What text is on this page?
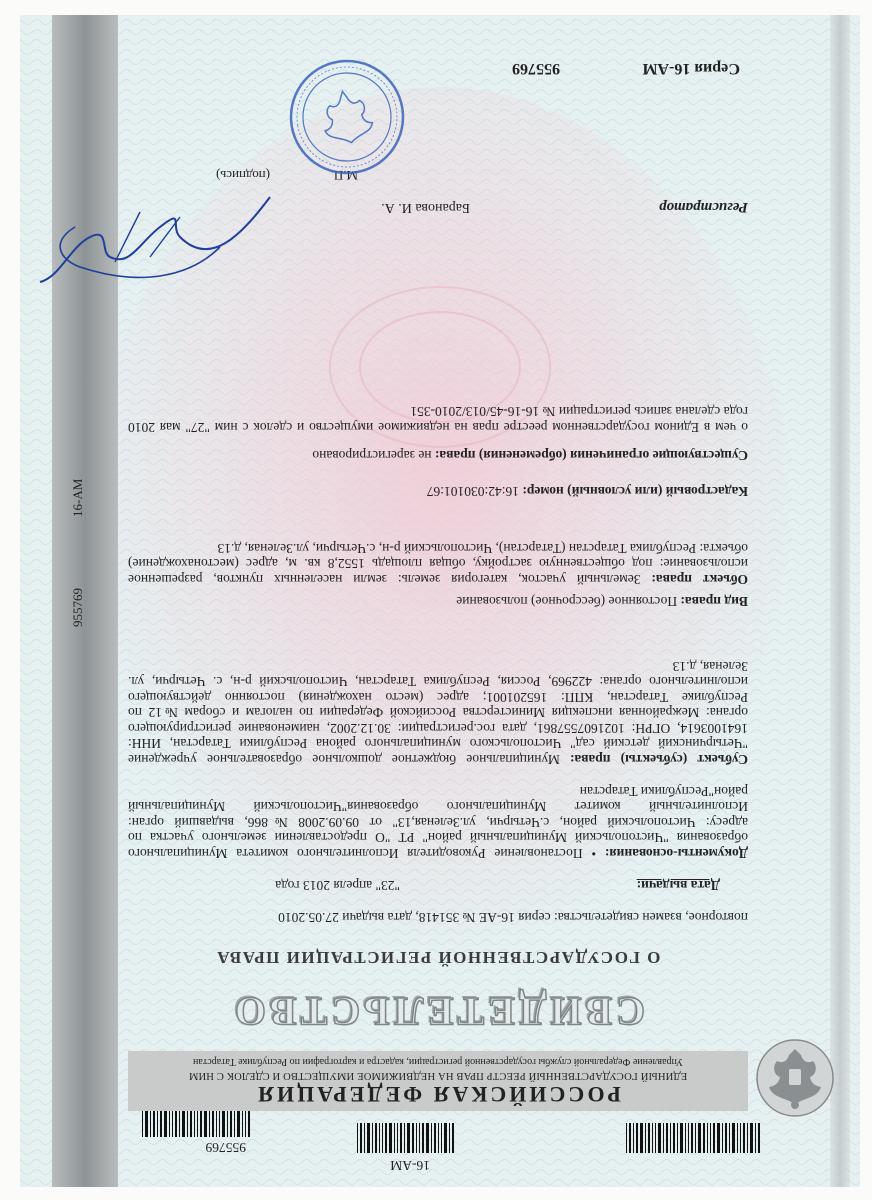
16-АМ
955769
РОССИЙСКАЯ ФЕДЕРАЦИЯ
ЕДИНЫЙ ГОСУДАРСТВЕННЫЙ РЕЕСТР ПРАВ НА НЕДВИЖИМОЕ ИМУЩЕСТВО И СДЕЛОК С НИМ
Управление Федеральной службы государственной регистрации, кадастра и картографии по Республике Татарстан
СВИДЕТЕЛЬСТВО
О ГОСУДАРСТВЕННОЙ РЕГИСТРАЦИИ ПРАВА
повторное, взамен свидетельства: серия 16-АЕ № 351418, дата выдачи 27.05.2010
Дата выдачи:
"23" апреля 2013 года
Документы-основания: • Постановление Руководителя Исполнительного комитета Муниципального образования "Чистопольский Муниципальный район" РТ "О предоставлении земельного участка по адресу: Чистопольский район, с.Четырчи, ул.Зеленая,13" от 09.09.2008 №866, выдавший орган: Исполнительный комитет Муниципального образования"Чистопольский Муниципальный район"Республики Татарстан
Субъект (субъекты) права: Муниципальное бюджетное дошкольное образовательное учреждение "Четырчинский детский сад" Чистопольского муниципального района Республики Татарстан, ИНН: 1641003614, ОГРН: 1021607557861, дата гос.регистрации: 30.12.2002, наименование регистрирующего органа: Межрайонная инспекция Министерства Российской Федерации по налогам и сборам №12 по Республике Татарстан, КПП: 165201001; адрес (место нахождения) постоянно действующего исполнительного органа: 422969, Россия, Республика Татарстан, Чистопольский р-н, с. Четырчи, ул. Зеленая, д.13
Вид права: Постоянное (бессрочное) пользование
Объект права: Земельный участок, категория земель: земли населенных пунктов, разрешенное использование: под общественную застройку, общая площадь 1552,8 кв. м, адрес (местонахождение) объекта: Республика Татарстан (Татарстан), Чистопольский р-н, с.Четырчи, ул.Зеленая, д.13
Кадастровый (или условный) номер: 16:42:030101:67
Существующие ограничения (обременения) права: не зарегистрировано
о чем в Едином государственном реестре прав на недвижимое имущество и сделок с ним "27" мая 2010 года сделана запись регистрации № 16-16-45/013/2010-351
Регистратор
Баранова И. А.
М.П.
(подпись)
Серия 16-АМ
955769
16-АМ
955769
